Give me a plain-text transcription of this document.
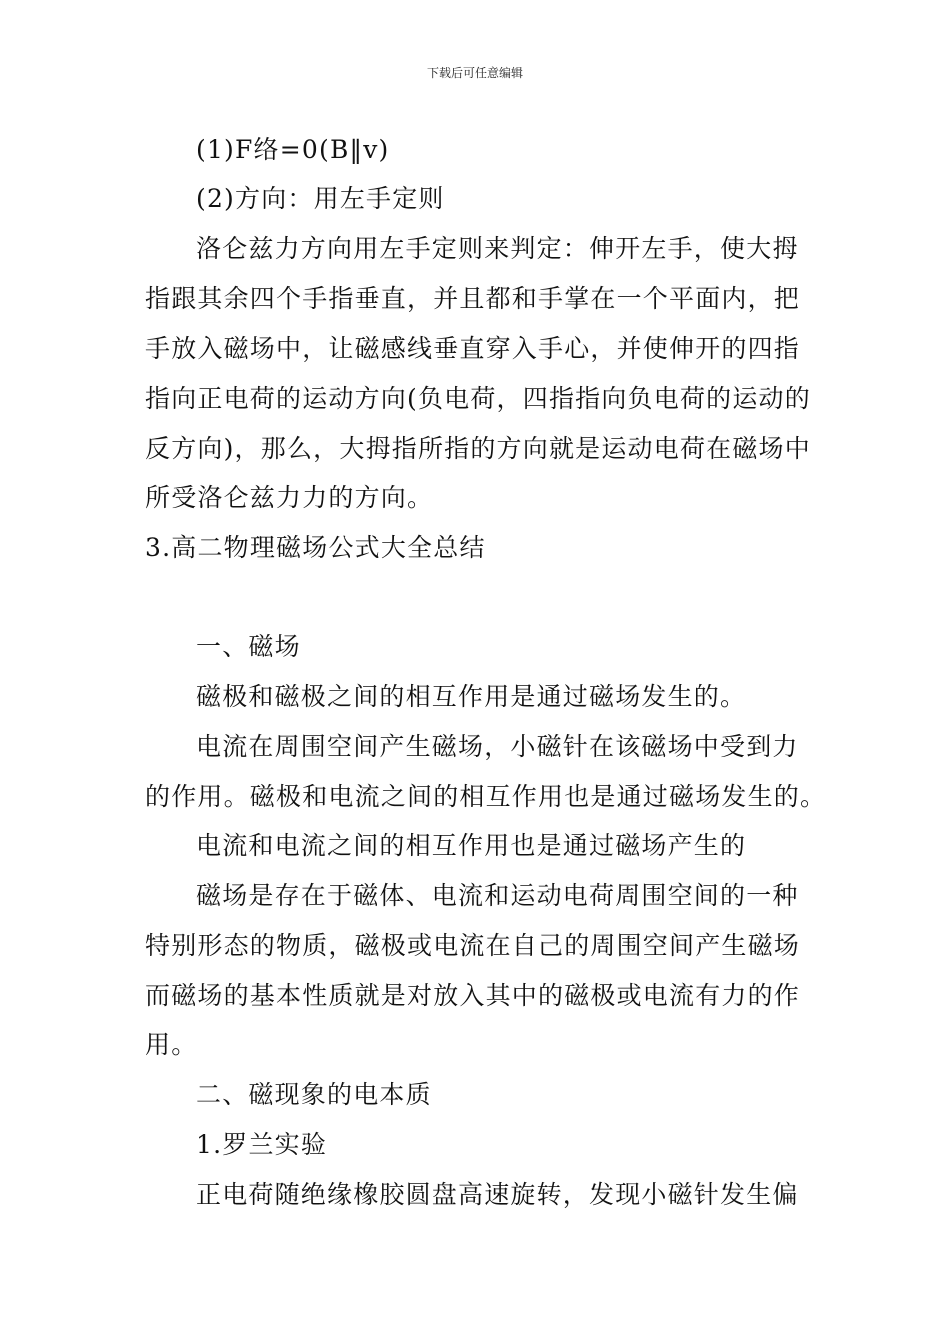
下载后可任意编辑
(1)F络=0(B‖v)
(2)方向：用左手定则
洛仑兹力方向用左手定则来判定：伸开左手，使大拇
指跟其余四个手指垂直，并且都和手掌在一个平面内，把
手放入磁场中，让磁感线垂直穿入手心，并使伸开的四指
指向正电荷的运动方向(负电荷，四指指向负电荷的运动的
反方向)，那么，大拇指所指的方向就是运动电荷在磁场中
所受洛仑兹力力的方向。
3.高二物理磁场公式大全总结
一、磁场
磁极和磁极之间的相互作用是通过磁场发生的。
电流在周围空间产生磁场，小磁针在该磁场中受到力
的作用。磁极和电流之间的相互作用也是通过磁场发生的。
电流和电流之间的相互作用也是通过磁场产生的
磁场是存在于磁体、电流和运动电荷周围空间的一种
特别形态的物质，磁极或电流在自己的周围空间产生磁场
而磁场的基本性质就是对放入其中的磁极或电流有力的作
用。
二、磁现象的电本质
1.罗兰实验
正电荷随绝缘橡胶圆盘高速旋转，发现小磁针发生偏
